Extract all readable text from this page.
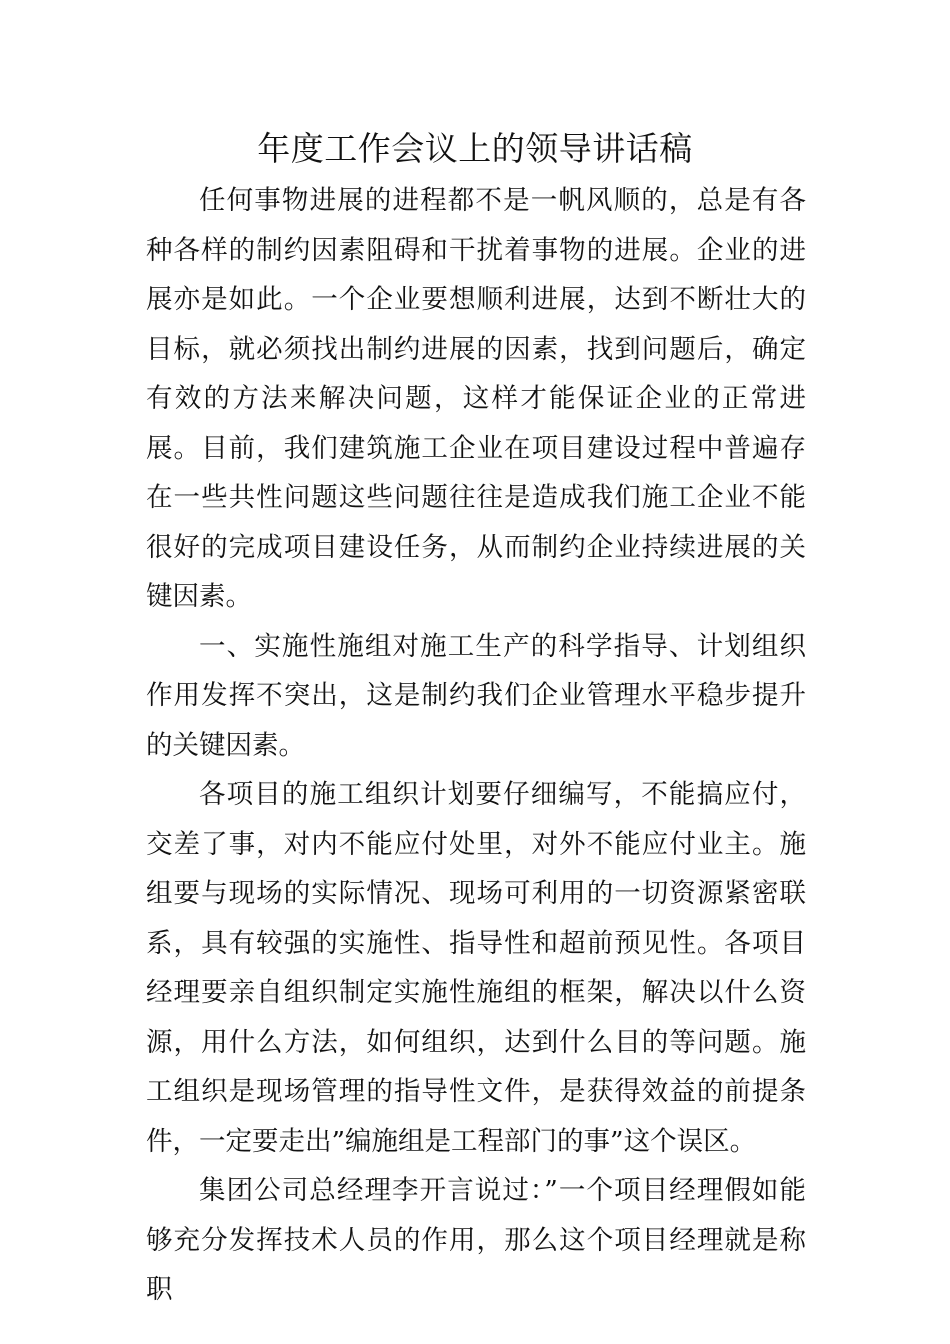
年度工作会议上的领导讲话稿

任何事物进展的进程都不是一帆风顺的，总是有各种各样的制约因素阻碍和干扰着事物的进展。企业的进展亦是如此。一个企业要想顺利进展，达到不断壮大的目标，就必须找出制约进展的因素，找到问题后，确定有效的方法来解决问题，这样才能保证企业的正常进展。目前，我们建筑施工企业在项目建设过程中普遍存在一些共性问题这些问题往往是造成我们施工企业不能很好的完成项目建设任务，从而制约企业持续进展的关键因素。

一、实施性施组对施工生产的科学指导、计划组织作用发挥不突出，这是制约我们企业管理水平稳步提升的关键因素。

各项目的施工组织计划要仔细编写，不能搞应付，交差了事，对内不能应付处里，对外不能应付业主。施组要与现场的实际情况、现场可利用的一切资源紧密联系，具有较强的实施性、指导性和超前预见性。各项目经理要亲自组织制定实施性施组的框架，解决以什么资源，用什么方法，如何组织，达到什么目的等问题。施工组织是现场管理的指导性文件，是获得效益的前提条件，一定要走出”编施组是工程部门的事”这个误区。

集团公司总经理李开言说过：”一个项目经理假如能够充分发挥技术人员的作用，那么这个项目经理就是称职
